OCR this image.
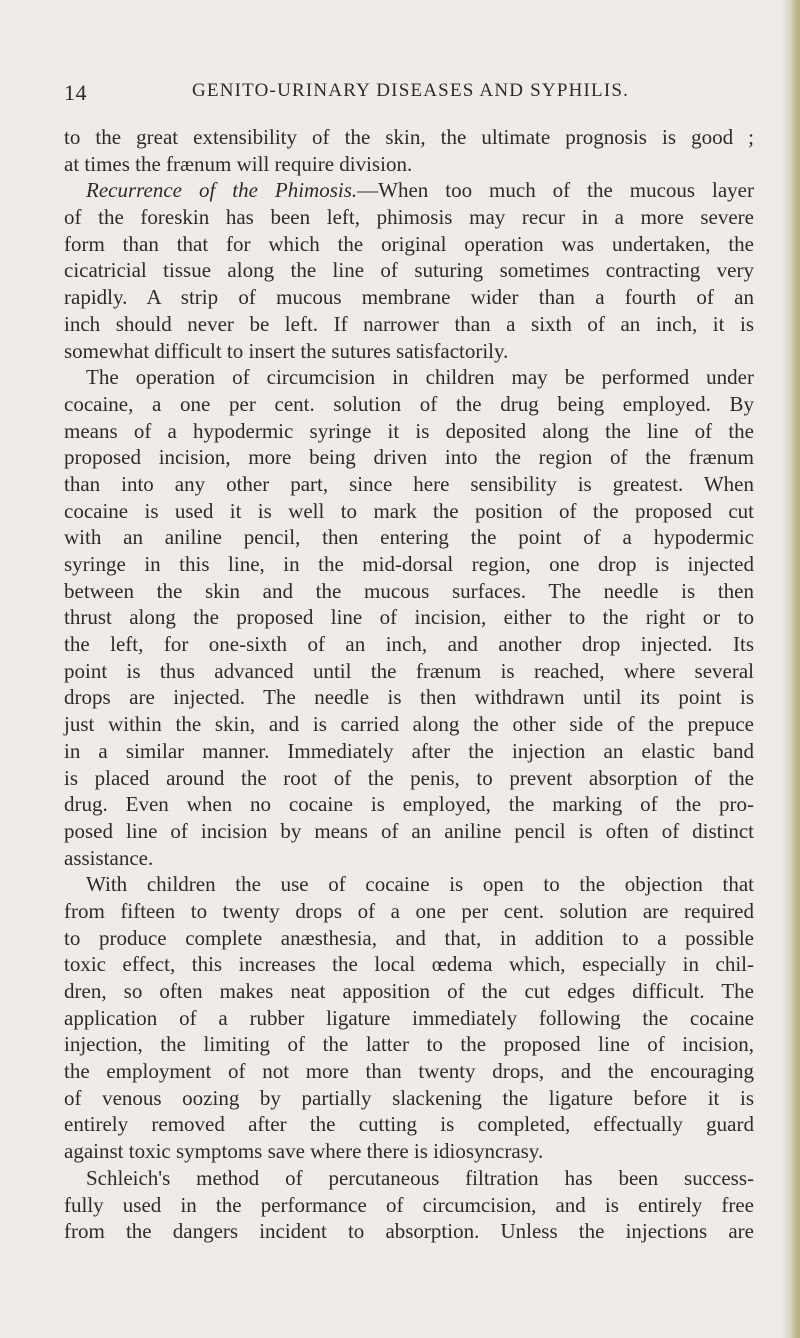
14	GENITO-URINARY DISEASES AND SYPHILIS.
to the great extensibility of the skin, the ultimate prognosis is good ;
at times the frænum will require division.
Recurrence of the Phimosis.—When too much of the mucous layer
of the foreskin has been left, phimosis may recur in a more severe
form than that for which the original operation was undertaken, the
cicatricial tissue along the line of suturing sometimes contracting very
rapidly. A strip of mucous membrane wider than a fourth of an
inch should never be left. If narrower than a sixth of an inch, it is
somewhat difficult to insert the sutures satisfactorily.
The operation of circumcision in children may be performed under
cocaine, a one per cent. solution of the drug being employed. By
means of a hypodermic syringe it is deposited along the line of the
proposed incision, more being driven into the region of the frænum
than into any other part, since here sensibility is greatest. When
cocaine is used it is well to mark the position of the proposed cut
with an aniline pencil, then entering the point of a hypodermic
syringe in this line, in the mid-dorsal region, one drop is injected
between the skin and the mucous surfaces. The needle is then
thrust along the proposed line of incision, either to the right or to
the left, for one-sixth of an inch, and another drop injected. Its
point is thus advanced until the frænum is reached, where several
drops are injected. The needle is then withdrawn until its point is
just within the skin, and is carried along the other side of the prepuce
in a similar manner. Immediately after the injection an elastic band
is placed around the root of the penis, to prevent absorption of the
drug. Even when no cocaine is employed, the marking of the pro-
posed line of incision by means of an aniline pencil is often of distinct
assistance.
With children the use of cocaine is open to the objection that
from fifteen to twenty drops of a one per cent. solution are required
to produce complete anæsthesia, and that, in addition to a possible
toxic effect, this increases the local œdema which, especially in chil-
dren, so often makes neat apposition of the cut edges difficult. The
application of a rubber ligature immediately following the cocaine
injection, the limiting of the latter to the proposed line of incision,
the employment of not more than twenty drops, and the encouraging
of venous oozing by partially slackening the ligature before it is
entirely removed after the cutting is completed, effectually guard
against toxic symptoms save where there is idiosyncrasy.
Schleich's method of percutaneous filtration has been success-
fully used in the performance of circumcision, and is entirely free
from the dangers incident to absorption. Unless the injections are
